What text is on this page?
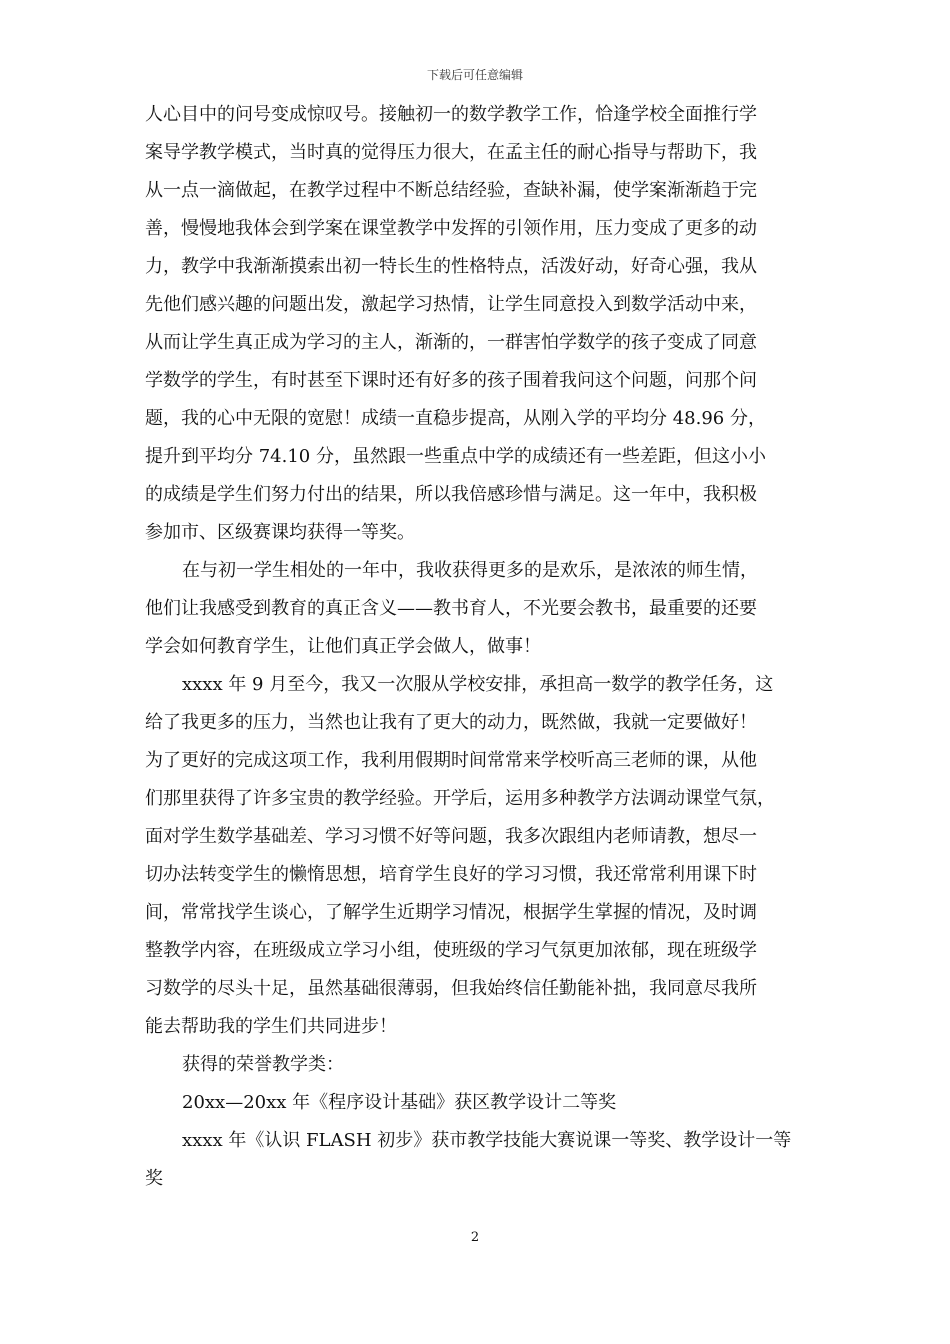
下载后可任意编辑
人心目中的问号变成惊叹号。接触初一的数学教学工作，恰逢学校全面推行学
案导学教学模式，当时真的觉得压力很大，在孟主任的耐心指导与帮助下，我
从一点一滴做起，在教学过程中不断总结经验，查缺补漏，使学案渐渐趋于完
善，慢慢地我体会到学案在课堂教学中发挥的引领作用，压力变成了更多的动
力，教学中我渐渐摸索出初一特长生的性格特点，活泼好动，好奇心强，我从
先他们感兴趣的问题出发，激起学习热情，让学生同意投入到数学活动中来，
从而让学生真正成为学习的主人，渐渐的，一群害怕学数学的孩子变成了同意
学数学的学生，有时甚至下课时还有好多的孩子围着我问这个问题，问那个问
题，我的心中无限的宽慰！成绩一直稳步提高，从刚入学的平均分 48.96 分，
提升到平均分 74.10 分，虽然跟一些重点中学的成绩还有一些差距，但这小小
的成绩是学生们努力付出的结果，所以我倍感珍惜与满足。这一年中，我积极
参加市、区级赛课均获得一等奖。
在与初一学生相处的一年中，我收获得更多的是欢乐，是浓浓的师生情，
他们让我感受到教育的真正含义——教书育人，不光要会教书，最重要的还要
学会如何教育学生，让他们真正学会做人，做事！
xxxx 年 9 月至今，我又一次服从学校安排，承担高一数学的教学任务，这
给了我更多的压力，当然也让我有了更大的动力，既然做，我就一定要做好！
为了更好的完成这项工作，我利用假期时间常常来学校听高三老师的课，从他
们那里获得了许多宝贵的教学经验。开学后，运用多种教学方法调动课堂气氛，
面对学生数学基础差、学习习惯不好等问题，我多次跟组内老师请教，想尽一
切办法转变学生的懒惰思想，培育学生良好的学习习惯，我还常常利用课下时
间，常常找学生谈心，了解学生近期学习情况，根据学生掌握的情况，及时调
整教学内容，在班级成立学习小组，使班级的学习气氛更加浓郁，现在班级学
习数学的尽头十足，虽然基础很薄弱，但我始终信任勤能补拙，我同意尽我所
能去帮助我的学生们共同进步！
获得的荣誉教学类：
20xx—20xx 年《程序设计基础》获区教学设计二等奖
xxxx 年《认识 FLASH 初步》获市教学技能大赛说课一等奖、教学设计一等
奖
2
